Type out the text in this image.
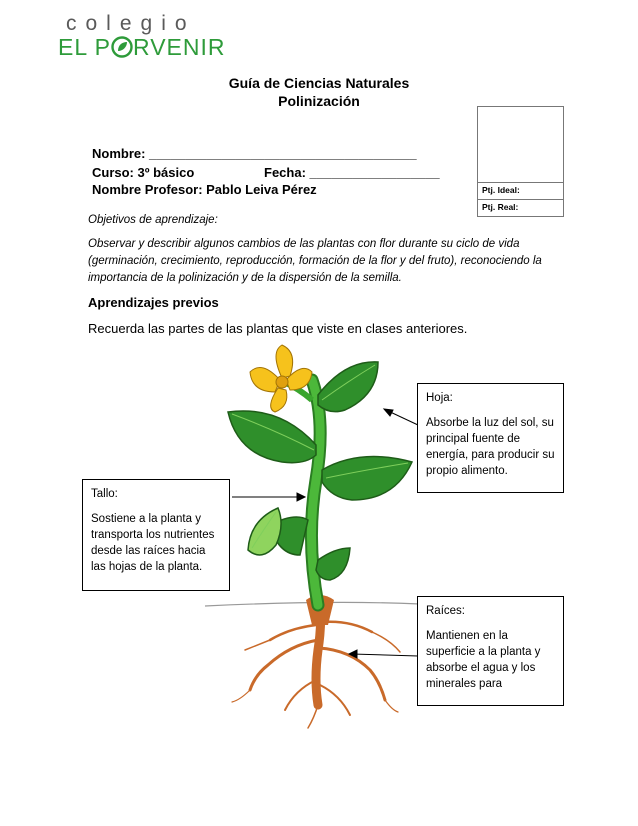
colegio
EL P RVENIR
Guía de Ciencias Naturales
Polinización
Nombre: _____________________________________
Curso: 3º básico	Fecha: __________________
Nombre Profesor: Pablo Leiva Pérez	Ptj. Ideal:
Ptj. Real:
Objetivos de aprendizaje:
Observar y describir algunos cambios de las plantas con flor durante su ciclo de vida (germinación, crecimiento, reproducción, formación de la flor y del fruto), reconociendo la importancia de la polinización y de la dispersión de la semilla.
Aprendizajes previos
Recuerda las partes de las plantas que viste en clases anteriores.
Hoja:
Absorbe la luz del sol, su principal fuente de energía, para producir su propio alimento.
Tallo:
Sostiene a la planta y transporta los nutrientes desde las raíces hacia las hojas de la planta.
Raíces:
Mantienen en la superficie a la planta y absorbe el agua y los minerales para
